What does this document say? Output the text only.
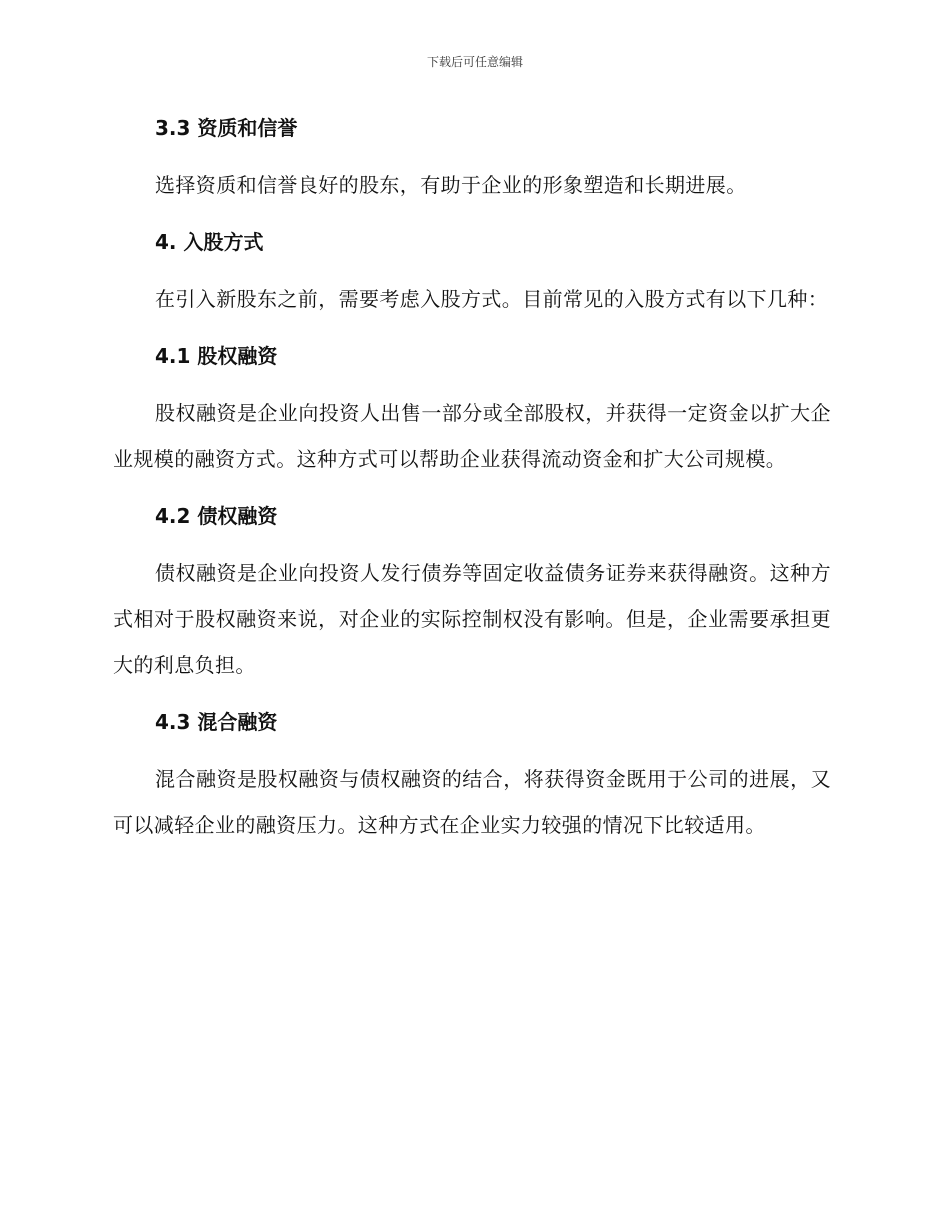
下载后可任意编辑
3.3 资质和信誉

选择资质和信誉良好的股东，有助于企业的形象塑造和长期进展。

4. 入股方式

在引入新股东之前，需要考虑入股方式。目前常见的入股方式有以下几种：

4.1 股权融资

股权融资是企业向投资人出售一部分或全部股权，并获得一定资金以扩大企业规模的融资方式。这种方式可以帮助企业获得流动资金和扩大公司规模。

4.2 债权融资

债权融资是企业向投资人发行债券等固定收益债务证券来获得融资。这种方式相对于股权融资来说，对企业的实际控制权没有影响。但是，企业需要承担更大的利息负担。

4.3 混合融资

混合融资是股权融资与债权融资的结合，将获得资金既用于公司的进展，又可以减轻企业的融资压力。这种方式在企业实力较强的情况下比较适用。
